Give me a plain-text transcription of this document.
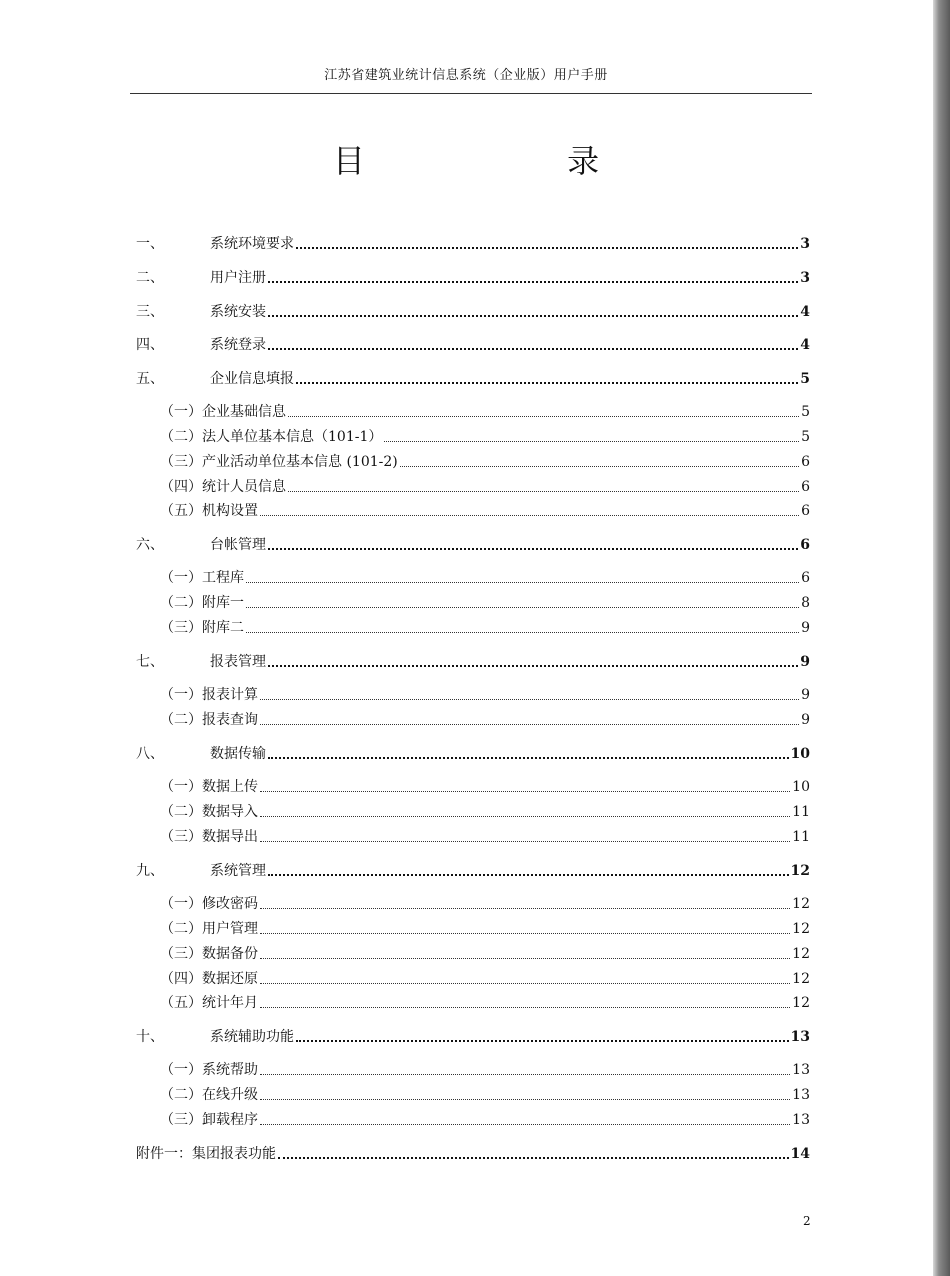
江苏省建筑业统计信息系统（企业版）用户手册
目 录
一、	系统环境要求	3
二、	用户注册	3
三、	系统安装	4
四、	系统登录	4
五、	企业信息填报	5
（一） 企业基础信息	5
（二） 法人单位基本信息（101-1）	5
（三） 产业活动单位基本信息 (101-2)	6
（四） 统计人员信息	6
（五） 机构设置	6
六、	台帐管理	6
（一） 工程库	6
（二） 附库一	8
（三） 附库二	9
七、	报表管理	9
（一） 报表计算	9
（二） 报表查询	9
八、	数据传输	10
（一） 数据上传	10
（二） 数据导入	11
（三） 数据导出	11
九、	系统管理	12
（一） 修改密码	12
（二） 用户管理	12
（三） 数据备份	12
（四） 数据还原	12
（五） 统计年月	12
十、	系统辅助功能	13
（一） 系统帮助	13
（二） 在线升级	13
（三） 卸载程序	13
附件一： 集团报表功能	14
2
